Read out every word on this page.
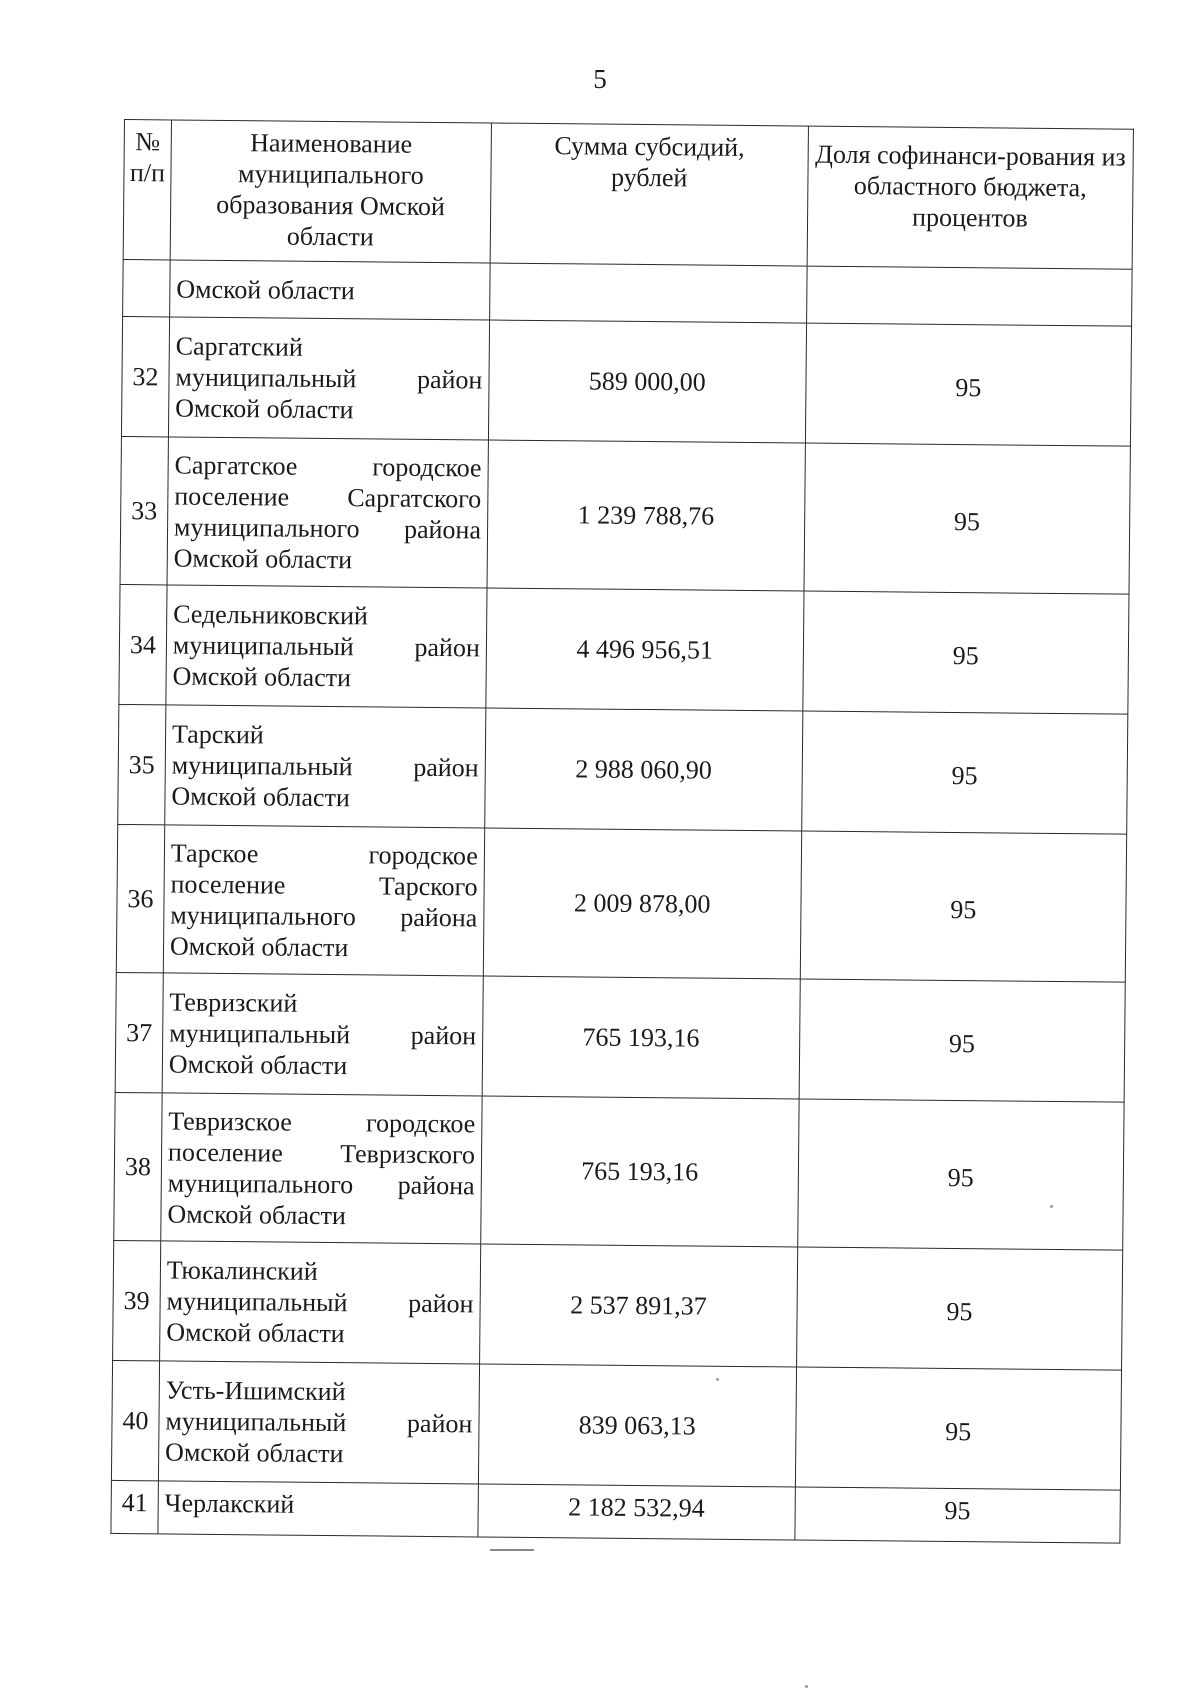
5
№ п/п	Наименование муниципального образования Омской области	Сумма субсидий, рублей	Доля софинанси-рования из областного бюджета, процентов
	Омской области		
32	Саргатский
муниципальный район
Омской области	589 000,00	95
33	Саргатское городское
поселение Саргатского
муниципального района
Омской области	1 239 788,76	95
34	Седельниковский
муниципальный район
Омской области	4 496 956,51	95
35	Тарский
муниципальный район
Омской области	2 988 060,90	95
36	Тарское городское
поселение Тарского
муниципального района
Омской области	2 009 878,00	95
37	Тевризский
муниципальный район
Омской области	765 193,16	95
38	Тевризское городское
поселение Тевризского
муниципального района
Омской области	765 193,16	95
39	Тюкалинский
муниципальный район
Омской области	2 537 891,37	95
40	Усть-Ишимский
муниципальный район
Омской области	839 063,13	95
41	Черлакский	2 182 532,94	95
